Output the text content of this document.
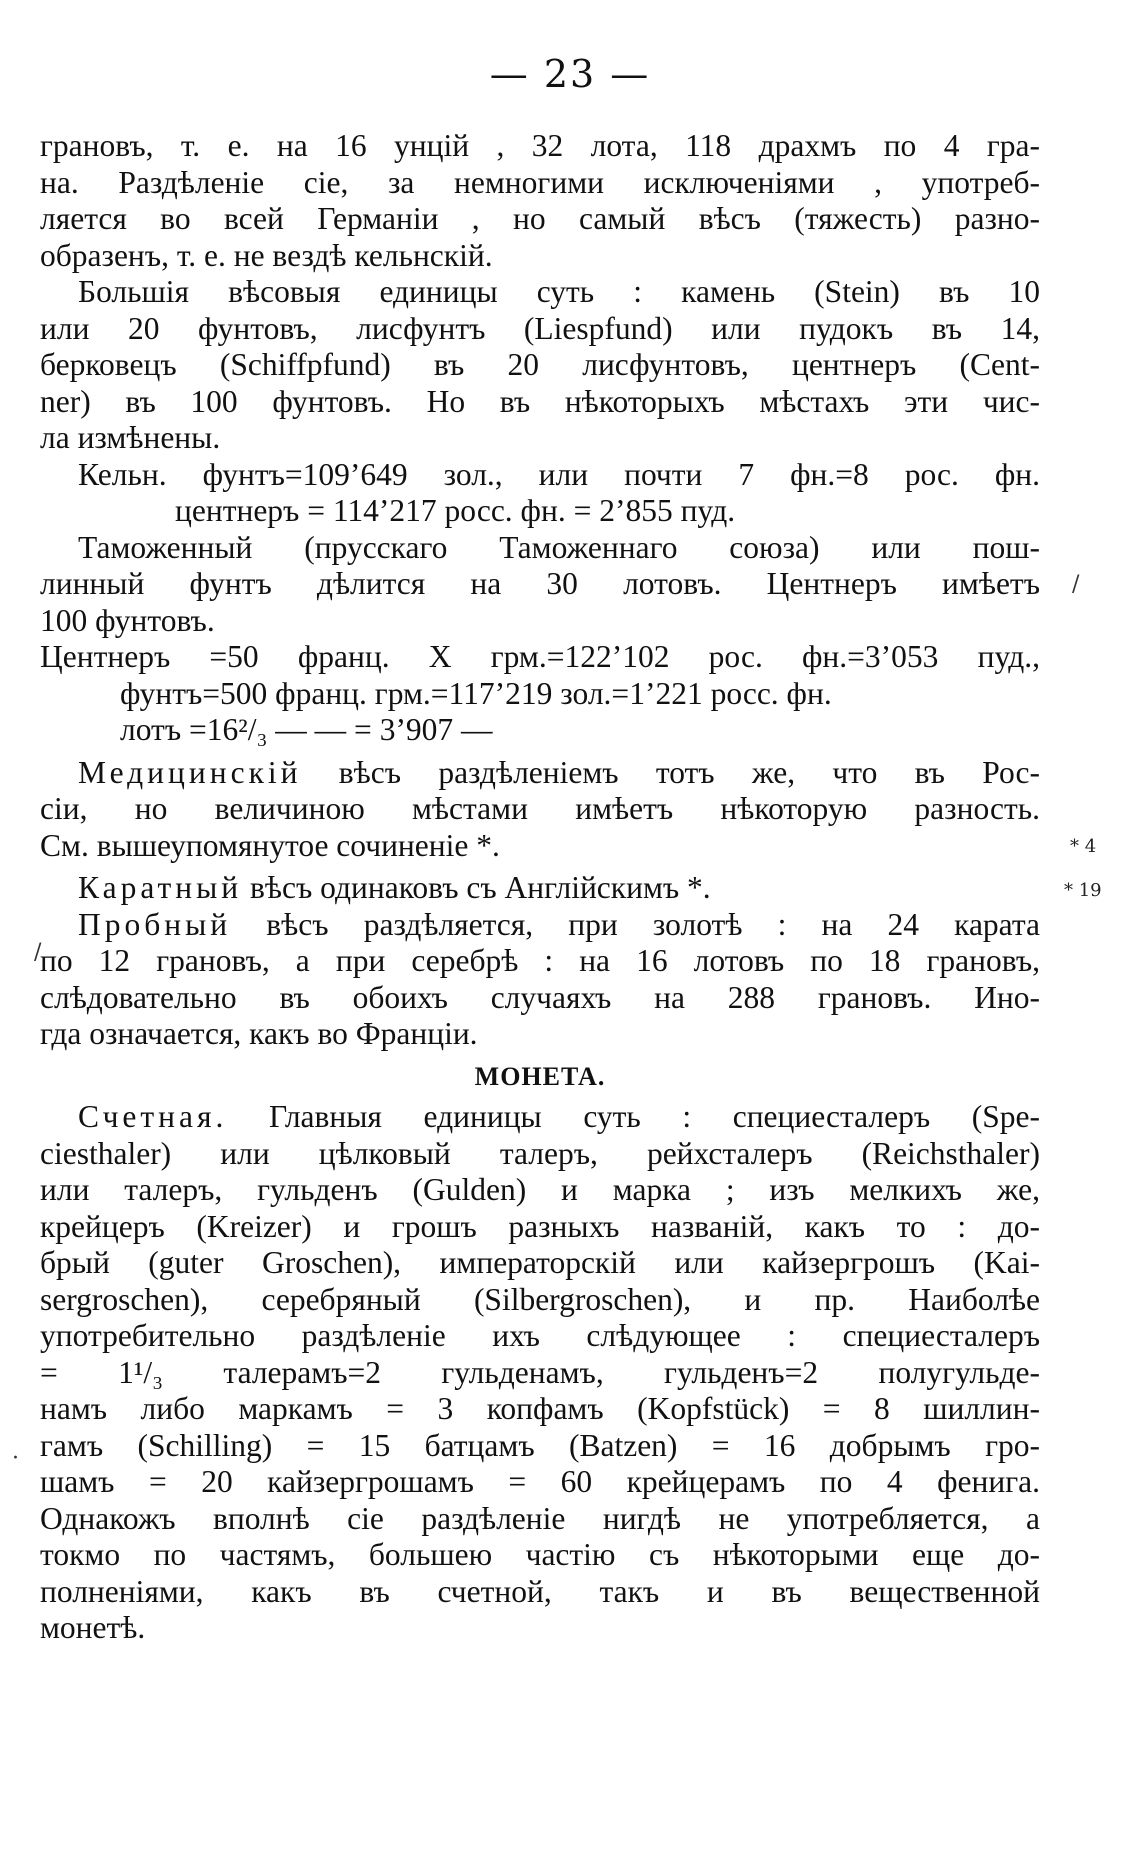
— 23 —
грановъ, т. е. на 16 унцій , 32 лота, 118 драхмъ по 4 гра-
на. Раздѣленіе сіе, за немногими исключеніями , употреб-
ляется во всей Германіи , но самый вѣсъ (тяжесть) разно-
образенъ, т. е. не вездѣ кельнскій.
Большія вѣсовыя единицы суть : камень (Stein) въ 10
или 20 фунтовъ, лисфунтъ (Liespfund) или пудокъ въ 14,
берковецъ (Schiffpfund) въ 20 лисфунтовъ, центнеръ (Cent-
ner) въ 100 фунтовъ. Но въ нѣкоторыхъ мѣстахъ эти чис-
ла измѣнены.
Кельн. фунтъ=109’649 зол., или почти 7 фн.=8 рос. фн.
центнеръ = 114’217 росс. фн. = 2’855 пуд.
Таможенный (прусскаго Таможеннаго союза) или пош-
линный фунтъ дѣлится на 30 лотовъ. Центнеръ имѣетъ
100 фунтовъ.
Центнеръ =50 франц. X грм.=122’102 рос. фн.=3’053 пуд.,
фунтъ=500 франц. грм.=117’219 зол.=1’221 росс. фн.
лотъ =16²/₃ — — = 3’907 —
Медицинскій вѣсъ раздѣленіемъ тотъ же, что въ Рос-
сіи, но величиною мѣстами имѣетъ нѣкоторую разность.
См. вышеупомянутое сочиненіе *.
Каратный вѣсъ одинаковъ съ Англійскимъ *.
Пробный вѣсъ раздѣляется, при золотѣ : на 24 карата
по 12 грановъ, а при серебрѣ : на 16 лотовъ по 18 грановъ,
слѣдовательно въ обоихъ случаяхъ на 288 грановъ. Ино-
гда означается, какъ во Франціи.
МОНЕТА.
Счетная. Главныя единицы суть : специесталеръ (Spe-
ciesthaler) или цѣлковый талеръ, рейхсталеръ (Reichsthaler)
или талеръ, гульденъ (Gulden) и марка ; изъ мелкихъ же,
крейцеръ (Kreizer) и грошъ разныхъ названій, какъ то : до-
брый (guter Groschen), императорскій или кайзергрошъ (Kai-
sergroschen), серебряный (Silbergroschen), и пр. Наиболѣе
употребительно раздѣленіе ихъ слѣдующее : специесталеръ
= 1¹/₃ талерамъ=2 гульденамъ, гульденъ=2 полугульде-
намъ либо маркамъ = 3 копфамъ (Kopfstück) = 8 шиллин-
гамъ (Schilling) = 15 батцамъ (Batzen) = 16 добрымъ гро-
шамъ = 20 кайзергрошамъ = 60 крейцерамъ по 4 фенига.
Однакожъ вполнѣ сіе раздѣленіе нигдѣ не употребляется, а
токмо по частямъ, большею частію съ нѣкоторыми еще до-
полненіями, какъ въ счетной, такъ и въ вещественной
монетѣ.
* 4
* 19
/
/
·
